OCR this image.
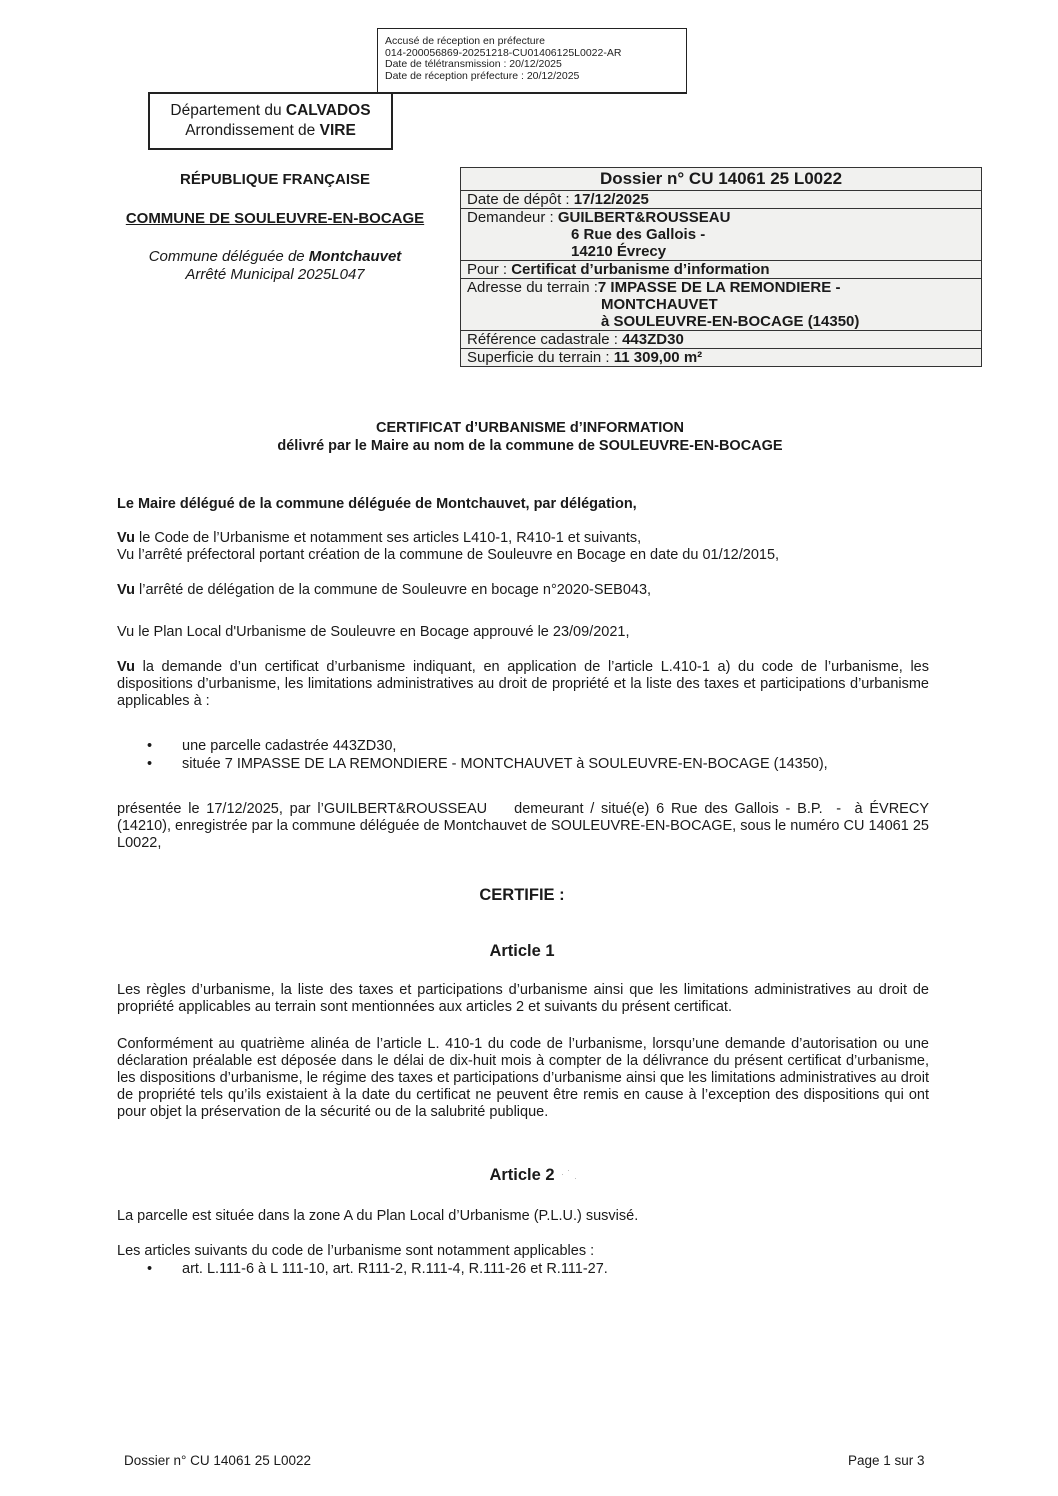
Accusé de réception en préfecture
014-200056869-20251218-CU01406125L0022-AR
Date de télétransmission : 20/12/2025
Date de réception préfecture : 20/12/2025
Département du CALVADOS
Arrondissement de VIRE
RÉPUBLIQUE FRANÇAISE
COMMUNE DE SOULEUVRE-EN-BOCAGE
Commune déléguée de Montchauvet
Arrêté Municipal 2025L047
Dossier n° CU 14061 25 L0022
Date de dépôt : 17/12/2025
Demandeur : GUILBERT&ROUSSEAU
6 Rue des Gallois -
14210 Évrecy
Pour : Certificat d’urbanisme d’information
Adresse du terrain :7 IMPASSE DE LA REMONDIERE -
MONTCHAUVET
à SOULEUVRE-EN-BOCAGE (14350)
Référence cadastrale : 443ZD30
Superficie du terrain : 11 309,00 m²
CERTIFICAT d’URBANISME d’INFORMATION
délivré par le Maire au nom de la commune de SOULEUVRE-EN-BOCAGE
Le Maire délégué de la commune déléguée de Montchauvet, par délégation,
Vu le Code de l’Urbanisme et notamment ses articles L410-1, R410-1 et suivants,
Vu l’arrêté préfectoral portant création de la commune de Souleuvre en Bocage en date du 01/12/2015,
Vu l’arrêté de délégation de la commune de Souleuvre en bocage n°2020-SEB043,
Vu le Plan Local d'Urbanisme de Souleuvre en Bocage approuvé le 23/09/2021,
Vu la demande d’un certificat d’urbanisme indiquant, en application de l’article L.410-1 a) du code de l’urbanisme, les dispositions d’urbanisme, les limitations administratives au droit de propriété et la liste des taxes et participations d’urbanisme applicables à :
• une parcelle cadastrée 443ZD30,
• située 7 IMPASSE DE LA REMONDIERE - MONTCHAUVET à SOULEUVRE-EN-BOCAGE (14350),
présentée le 17/12/2025, par l’GUILBERT&ROUSSEAU    demeurant / situé(e) 6 Rue des Gallois - B.P.  -  à ÉVRECY (14210), enregistrée par la commune déléguée de Montchauvet de SOULEUVRE-EN-BOCAGE, sous le numéro CU 14061 25 L0022,
CERTIFIE :
Article 1
Les règles d’urbanisme, la liste des taxes et participations d’urbanisme ainsi que les limitations administratives au droit de propriété applicables au terrain sont mentionnées aux articles 2 et suivants du présent certificat.
Conformément au quatrième alinéa de l’article L. 410-1 du code de l’urbanisme, lorsqu’une demande d’autorisation ou une déclaration préalable est déposée dans le délai de dix-huit mois à compter de la délivrance du présent certificat d’urbanisme, les dispositions d’urbanisme, le régime des taxes et participations d’urbanisme ainsi que les limitations administratives au droit de propriété tels qu’ils existaient à la date du certificat ne peuvent être remis en cause à l’exception des dispositions qui ont pour objet la préservation de la sécurité ou de la salubrité publique.
Article 2
La parcelle est située dans la zone A du Plan Local d’Urbanisme (P.L.U.) susvisé.
Les articles suivants du code de l’urbanisme sont notamment applicables :
• art. L.111-6 à L 111-10, art. R111-2, R.111-4, R.111-26 et R.111-27.
Dossier n° CU 14061 25 L0022	Page 1 sur 3
